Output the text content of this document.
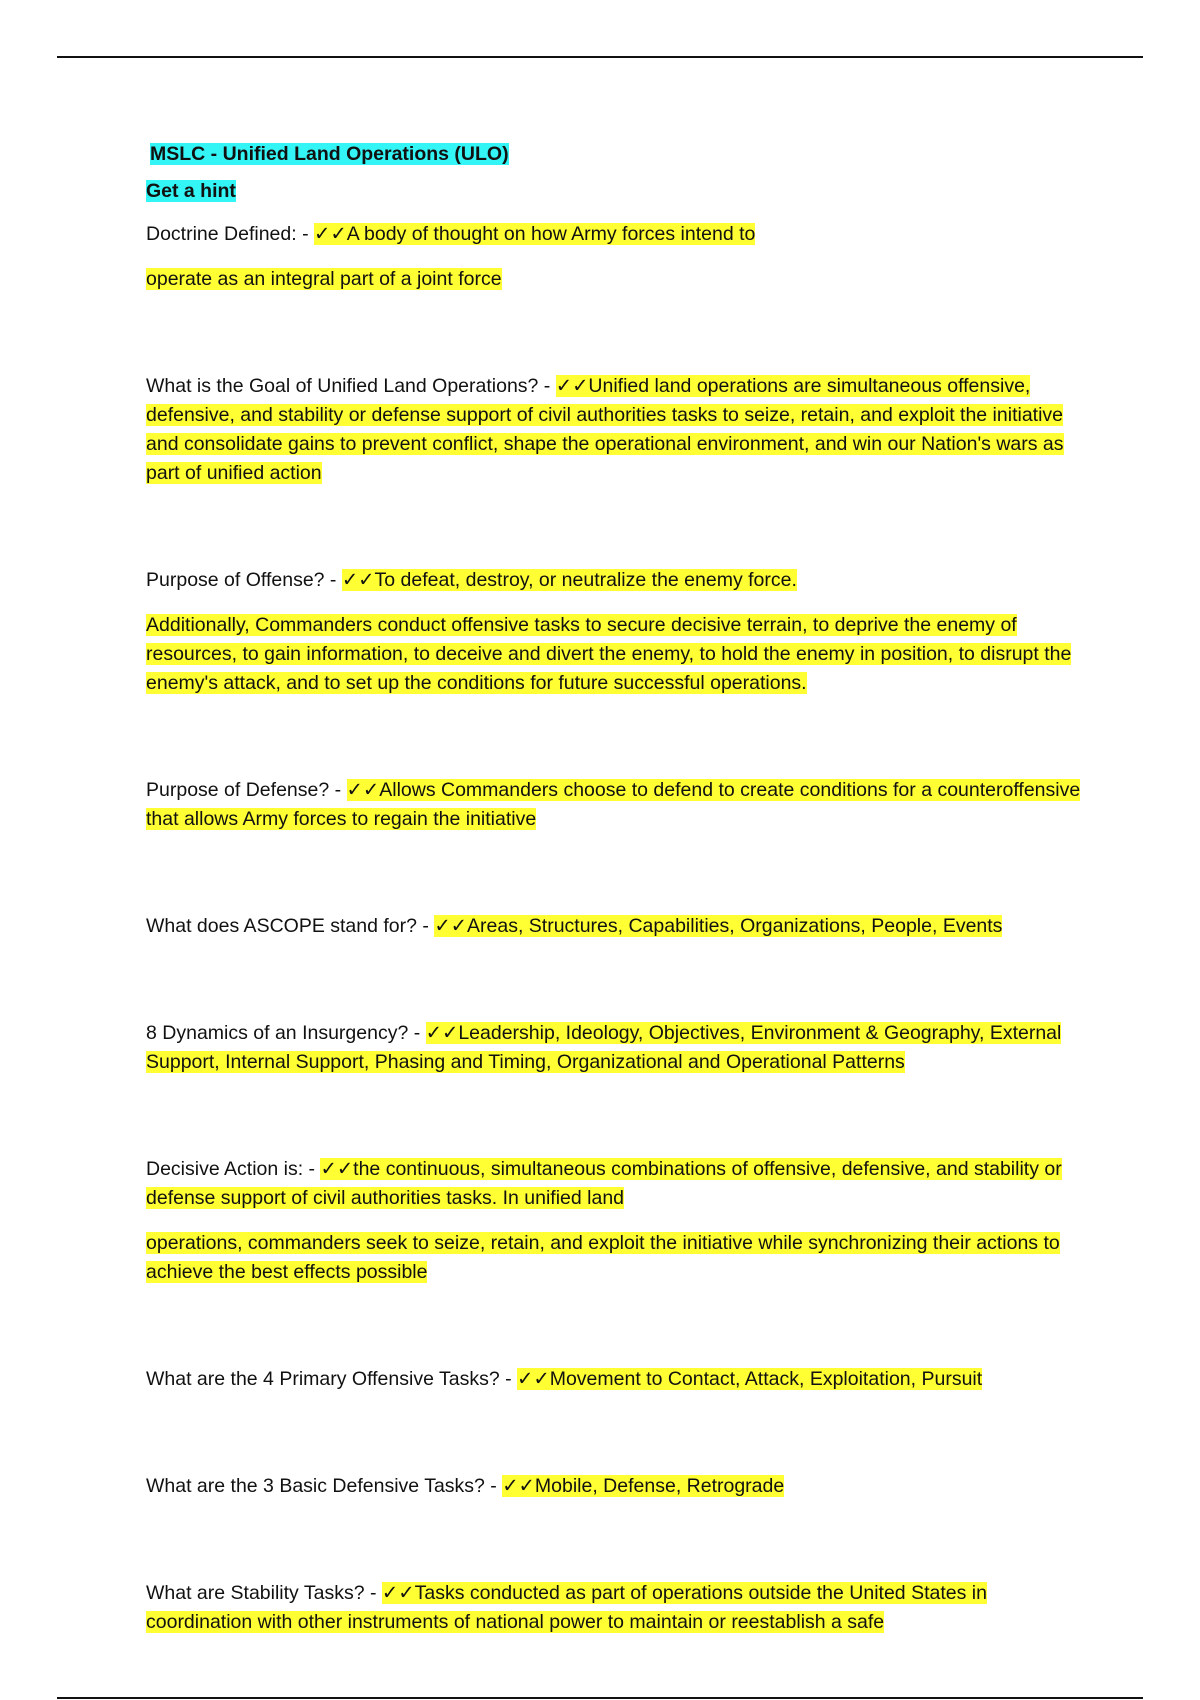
MSLC - Unified Land Operations (ULO)
Get a hint

Doctrine Defined: - ✓✓A body of thought on how Army forces intend to

operate as an integral part of a joint force

What is the Goal of Unified Land Operations? - ✓✓Unified land operations are simultaneous offensive, defensive, and stability or defense support of civil authorities tasks to seize, retain, and exploit the initiative and consolidate gains to prevent conflict, shape the operational environment, and win our Nation's wars as part of unified action

Purpose of Offense? - ✓✓To defeat, destroy, or neutralize the enemy force.

Additionally, Commanders conduct offensive tasks to secure decisive terrain, to deprive the enemy of resources, to gain information, to deceive and divert the enemy, to hold the enemy in position, to disrupt the enemy's attack, and to set up the conditions for future successful operations.

Purpose of Defense? - ✓✓Allows Commanders choose to defend to create conditions for a counteroffensive that allows Army forces to regain the initiative

What does ASCOPE stand for? - ✓✓Areas, Structures, Capabilities, Organizations, People, Events

8 Dynamics of an Insurgency? - ✓✓Leadership, Ideology, Objectives, Environment & Geography, External Support, Internal Support, Phasing and Timing, Organizational and Operational Patterns

Decisive Action is: - ✓✓the continuous, simultaneous combinations of offensive, defensive, and stability or defense support of civil authorities tasks. In unified land

operations, commanders seek to seize, retain, and exploit the initiative while synchronizing their actions to achieve the best effects possible

What are the 4 Primary Offensive Tasks? - ✓✓Movement to Contact, Attack, Exploitation, Pursuit

What are the 3 Basic Defensive Tasks? - ✓✓Mobile, Defense, Retrograde

What are Stability Tasks? - ✓✓Tasks conducted as part of operations outside the United States in coordination with other instruments of national power to maintain or reestablish a safe
